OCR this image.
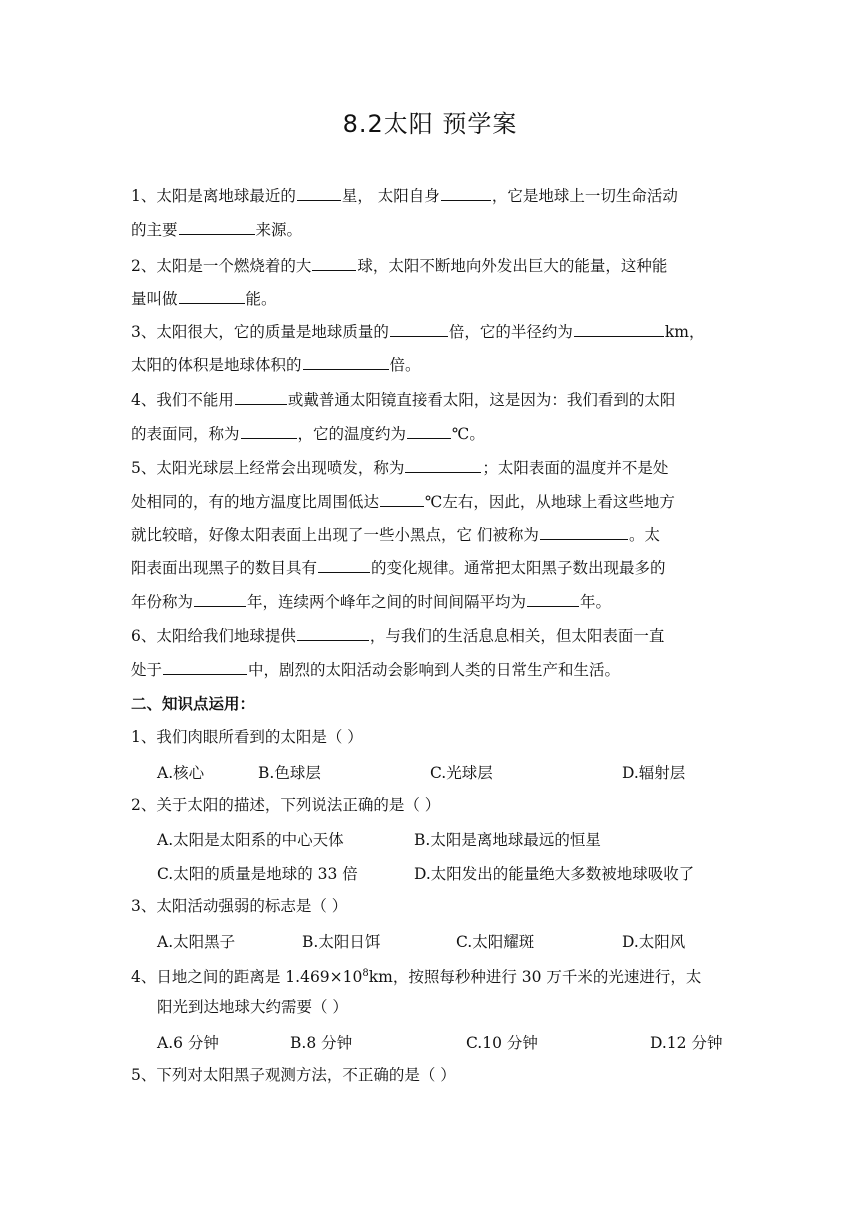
8.2太阳 预学案
1、太阳是离地球最近的	星， 太阳自身	，它是地球上一切生命活动
的主要	来源。
2、太阳是一个燃烧着的大	球，太阳不断地向外发出巨大的能量，这种能
量叫做	能。
3、太阳很大，它的质量是地球质量的	倍，它的半径约为	km，
太阳的体积是地球体积的	倍。
4、我们不能用	或戴普通太阳镜直接看太阳，这是因为：我们看到的太阳
的表面同，称为	，它的温度约为	℃。
5、太阳光球层上经常会出现喷发，称为	；太阳表面的温度并不是处
处相同的，有的地方温度比周围低达	℃左右，因此，从地球上看这些地方
就比较暗，好像太阳表面上出现了一些小黑点，它 们被称为	。太
阳表面出现黑子的数目具有	的变化规律。通常把太阳黑子数出现最多的
年份称为	年，连续两个峰年之间的时间间隔平均为	年。
6、太阳给我们地球提供	，与我们的生活息息相关，但太阳表面一直
处于	中，剧烈的太阳活动会影响到人类的日常生产和生活。
二、知识点运用：
1、我们肉眼所看到的太阳是（ ）
A.核心	B.色球层	C.光球层	D.辐射层
2、关于太阳的描述，下列说法正确的是（ ）
A.太阳是太阳系的中心天体	B.太阳是离地球最远的恒星
C.太阳的质量是地球的 33 倍	D.太阳发出的能量绝大多数被地球吸收了
3、太阳活动强弱的标志是（ ）
A.太阳黑子	B.太阳日饵	C.太阳耀斑	D.太阳风
4、日地之间的距离是 $1.469\times 10^8km$，按照每秒种进行 30 万千米的光速进行，太
阳光到达地球大约需要（ ）
A.6 分钟	B.8 分钟	C.10 分钟	D.12 分钟
5、下列对太阳黑子观测方法，不正确的是（ ）
